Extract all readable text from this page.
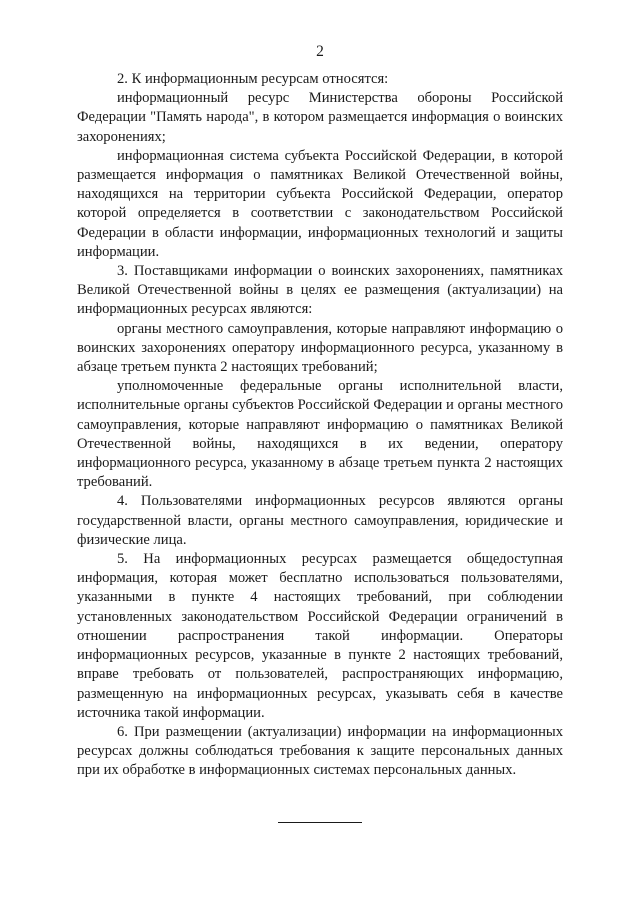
2

2. К информационным ресурсам относятся:

информационный ресурс Министерства обороны Российской Федерации "Память народа", в котором размещается информация о воинских захоронениях;

информационная система субъекта Российской Федерации, в которой размещается информация о памятниках Великой Отечественной войны, находящихся на территории субъекта Российской Федерации, оператор которой определяется в соответствии с законодательством Российской Федерации в области информации, информационных технологий и защиты информации.

3. Поставщиками информации о воинских захоронениях, памятниках Великой Отечественной войны в целях ее размещения (актуализации) на информационных ресурсах являются:

органы местного самоуправления, которые направляют информацию о воинских захоронениях оператору информационного ресурса, указанному в абзаце третьем пункта 2 настоящих требований;

уполномоченные федеральные органы исполнительной власти, исполнительные органы субъектов Российской Федерации и органы местного самоуправления, которые направляют информацию о памятниках Великой Отечественной войны, находящихся в их ведении, оператору информационного ресурса, указанному в абзаце третьем пункта 2 настоящих требований.

4. Пользователями информационных ресурсов являются органы государственной власти, органы местного самоуправления, юридические и физические лица.

5. На информационных ресурсах размещается общедоступная информация, которая может бесплатно использоваться пользователями, указанными в пункте 4 настоящих требований, при соблюдении установленных законодательством Российской Федерации ограничений в отношении распространения такой информации. Операторы информационных ресурсов, указанные в пункте 2 настоящих требований, вправе требовать от пользователей, распространяющих информацию, размещенную на информационных ресурсах, указывать себя в качестве источника такой информации.

6. При размещении (актуализации) информации на информационных ресурсах должны соблюдаться требования к защите персональных данных при их обработке в информационных системах персональных данных.
